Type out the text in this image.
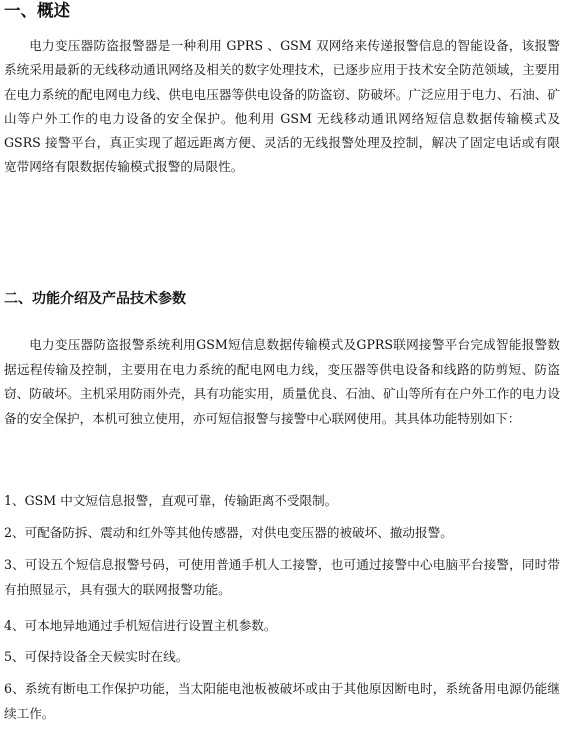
一、概述

电力变压器防盗报警器是一种利用 GPRS 、GSM 双网络来传递报警信息的智能设备，该报警系统采用最新的无线移动通讯网络及相关的数字处理技术，已逐步应用于技术安全防范领域，主要用在电力系统的配电网电力线、供电电压器等供电设备的防盗窃、防破坏。广泛应用于电力、石油、矿山等户外工作的电力设备的安全保护。他利用 GSM 无线移动通讯网络短信息数据传输模式及 GSRS 接警平台，真正实现了超远距离方便、灵活的无线报警处理及控制，解决了固定电话或有限宽带网络有限数据传输模式报警的局限性。

二、功能介绍及产品技术参数

电力变压器防盗报警系统利用GSM短信息数据传输模式及GPRS联网接警平台完成智能报警数据远程传输及控制，主要用在电力系统的配电网电力线，变压器等供电设备和线路的防剪短、防盗窃、防破坏。主机采用防雨外壳，具有功能实用，质量优良、石油、矿山等所有在户外工作的电力设备的安全保护，本机可独立使用，亦可短信报警与接警中心联网使用。其具体功能特别如下：

1、GSM 中文短信息报警，直观可靠，传输距离不受限制。

2、可配备防拆、震动和红外等其他传感器，对供电变压器的被破坏、撤动报警。

3、可设五个短信息报警号码，可使用普通手机人工接警，也可通过接警中心电脑平台接警，同时带有拍照显示，具有强大的联网报警功能。

4、可本地异地通过手机短信进行设置主机参数。

5、可保持设备全天候实时在线。

6、系统有断电工作保护功能，当太阳能电池板被破坏或由于其他原因断电时，系统备用电源仍能继续工作。
